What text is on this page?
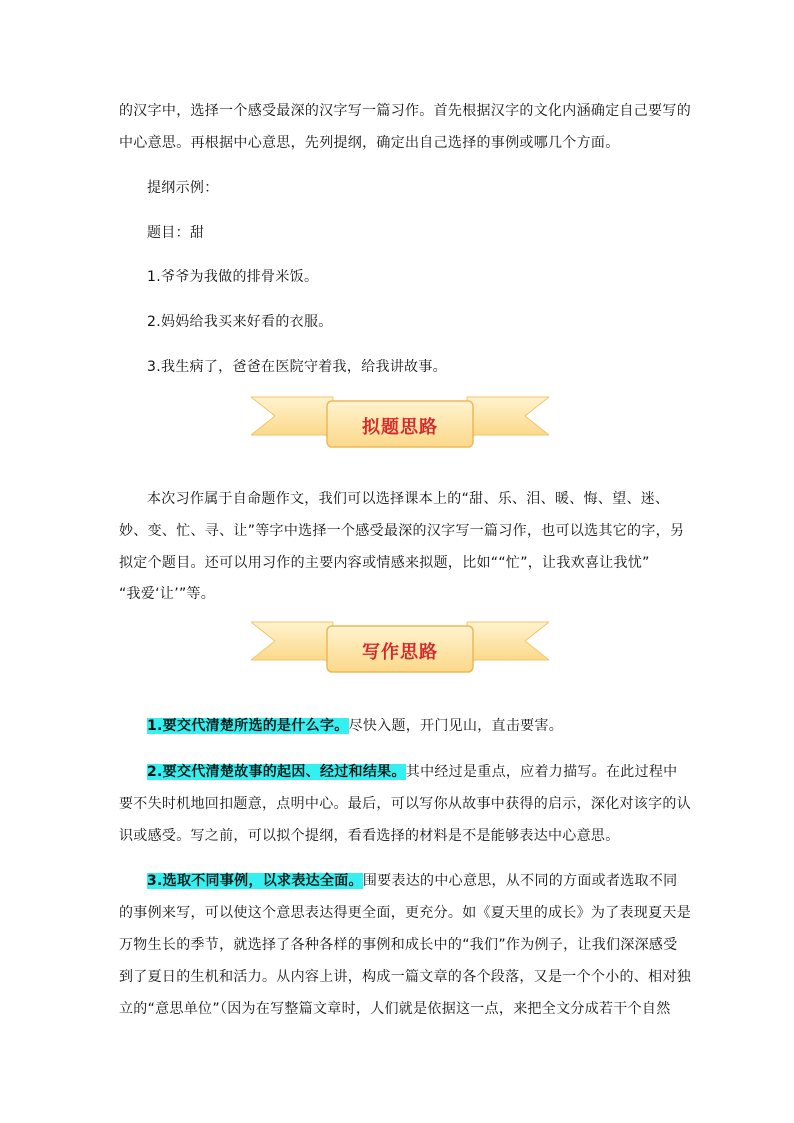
的汉字中，选择一个感受最深的汉字写一篇习作。首先根据汉字的文化内涵确定自己要写的
中心意思。再根据中心意思，先列提纲，确定出自己选择的事例或哪几个方面。
提纲示例：
题目：甜
1.爷爷为我做的排骨米饭。
2.妈妈给我买来好看的衣服。
3.我生病了，爸爸在医院守着我，给我讲故事。
拟题思路
本次习作属于自命题作文，我们可以选择课本上的“甜、乐、泪、暖、悔、望、迷、
妙、变、忙、寻、让”等字中选择一个感受最深的汉字写一篇习作，也可以选其它的字，另
拟定个题目。还可以用习作的主要内容或情感来拟题，比如““忙”，让我欢喜让我忧”
“我爱‘让’”等。
写作思路
1.要交代清楚所选的是什么字。尽快入题，开门见山，直击要害。
2.要交代清楚故事的起因、经过和结果。其中经过是重点，应着力描写。在此过程中
要不失时机地回扣题意，点明中心。最后，可以写你从故事中获得的启示，深化对该字的认
识或感受。写之前，可以拟个提纲，看看选择的材料是不是能够表达中心意思。
3.选取不同事例，以求表达全面。围要表达的中心意思，从不同的方面或者选取不同
的事例来写，可以使这个意思表达得更全面，更充分。如《夏天里的成长》为了表现夏天是
万物生长的季节，就选择了各种各样的事例和成长中的“我们”作为例子，让我们深深感受
到了夏日的生机和活力。从内容上讲，构成一篇文章的各个段落，又是一个个小的、相对独
立的“意思单位”（因为在写整篇文章时，人们就是依据这一点，来把全文分成若干个自然
